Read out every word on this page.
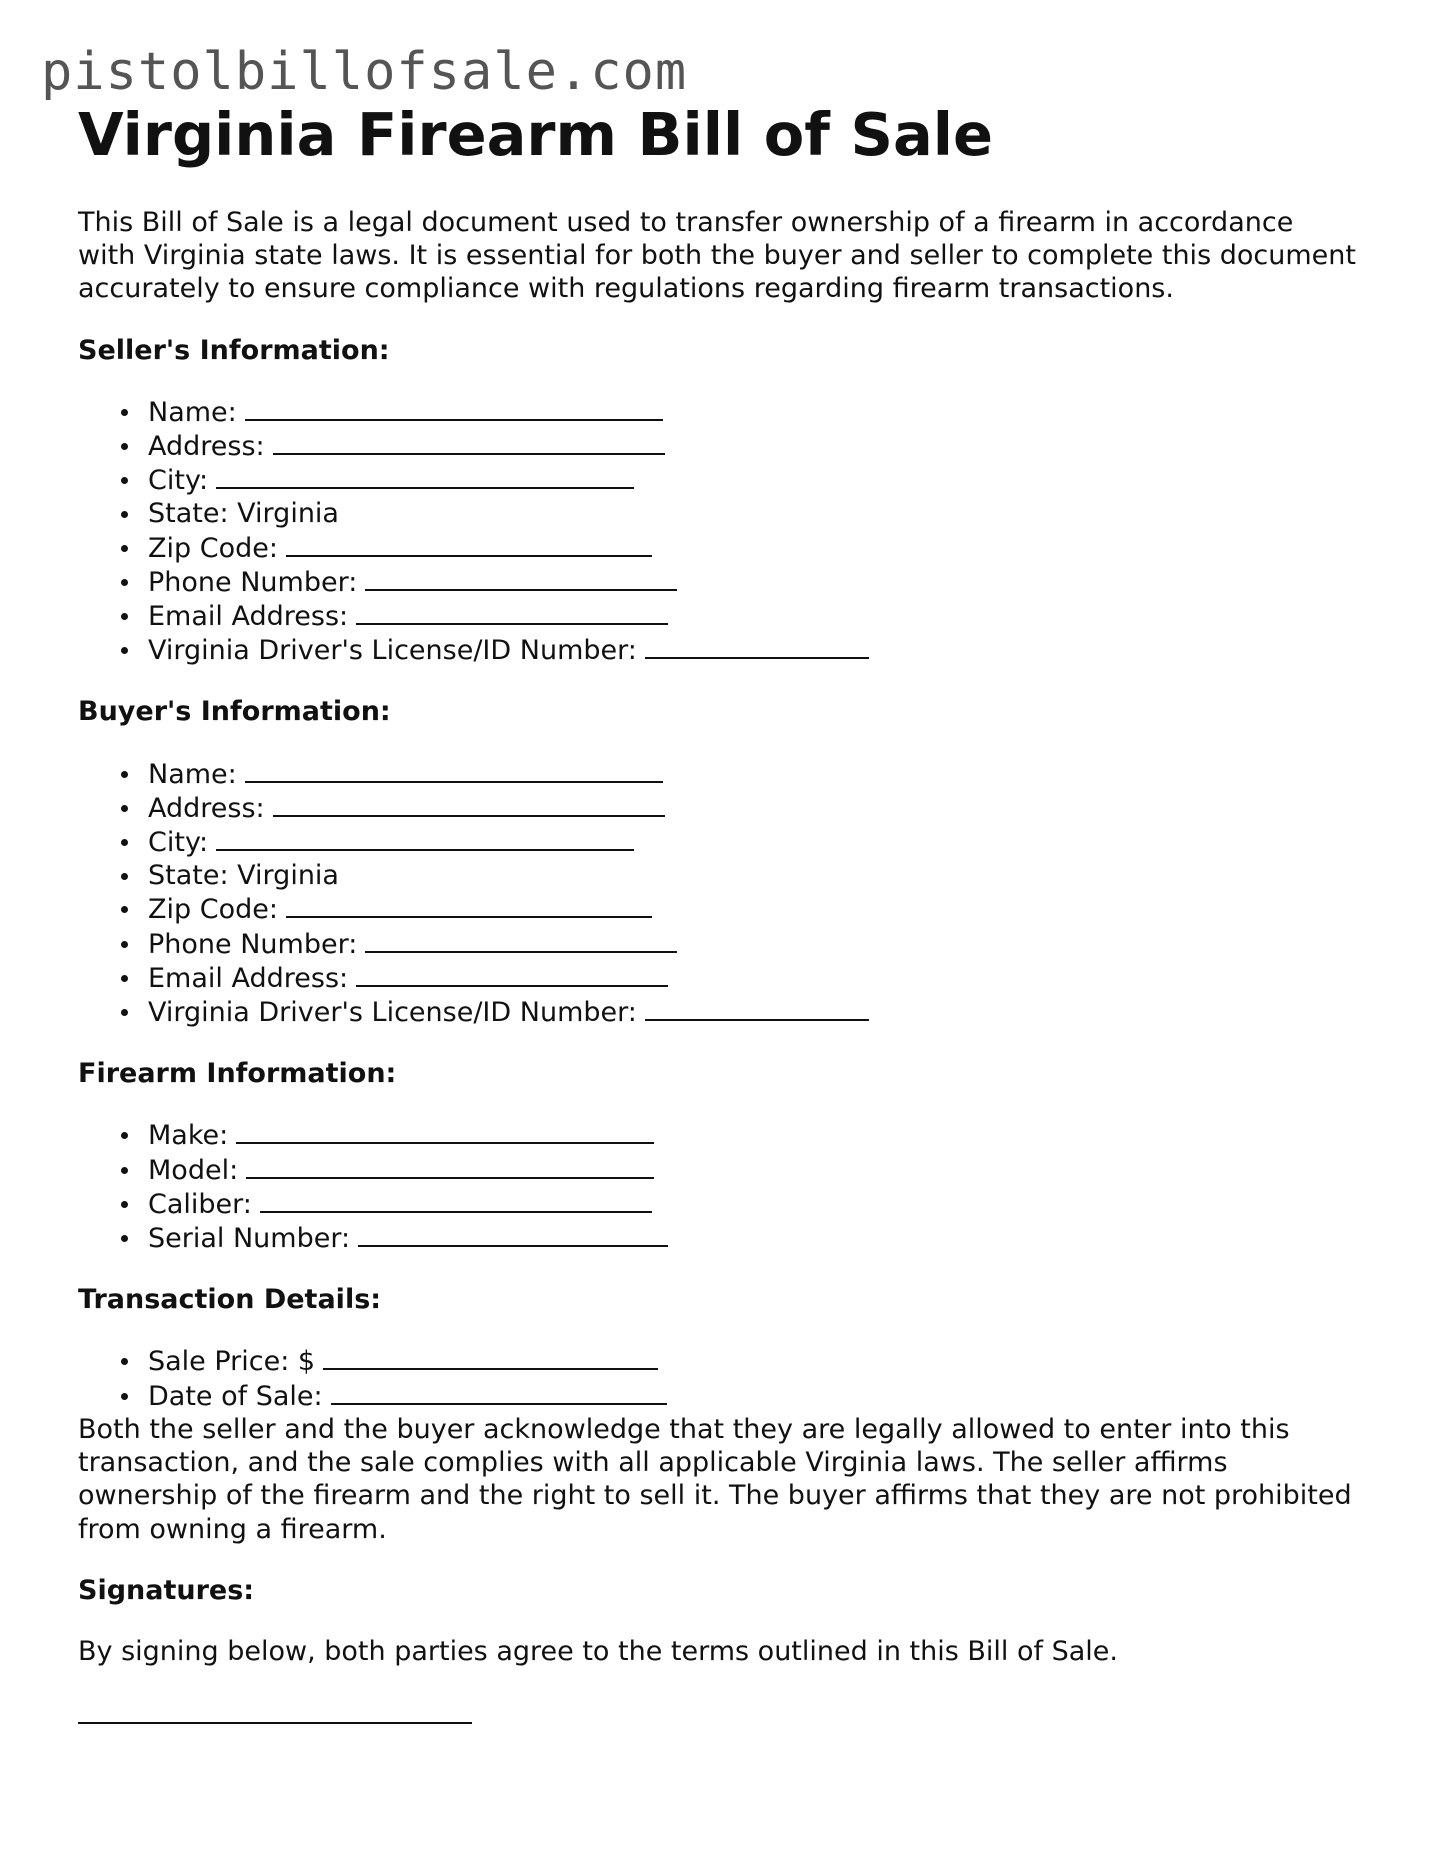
pistolbillofsale.com
Virginia Firearm Bill of Sale

This Bill of Sale is a legal document used to transfer ownership of a firearm in accordance with Virginia state laws. It is essential for both the buyer and seller to complete this document accurately to ensure compliance with regulations regarding firearm transactions.

Seller's Information:
Name:
Address:
City:
State: Virginia
Zip Code:
Phone Number:
Email Address:
Virginia Driver's License/ID Number:
Buyer's Information:
Name:
Address:
City:
State: Virginia
Zip Code:
Phone Number:
Email Address:
Virginia Driver's License/ID Number:
Firearm Information:
Make:
Model:
Caliber:
Serial Number:
Transaction Details:
Sale Price: $
Date of Sale:

Both the seller and the buyer acknowledge that they are legally allowed to enter into this transaction, and the sale complies with all applicable Virginia laws. The seller affirms ownership of the firearm and the right to sell it. The buyer affirms that they are not prohibited from owning a firearm.

Signatures:

By signing below, both parties agree to the terms outlined in this Bill of Sale.
